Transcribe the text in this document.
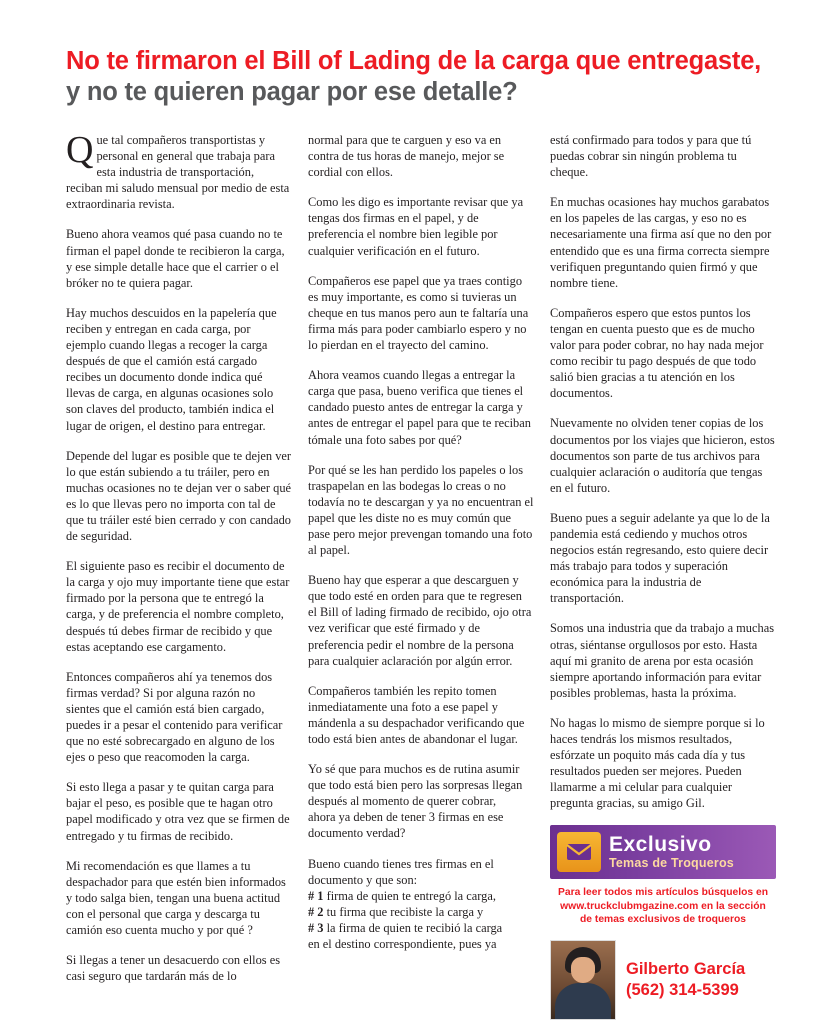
No te firmaron el Bill of Lading de la carga que entregaste, y no te quieren pagar por ese detalle?

Que tal compañeros transportistas y personal en general que trabaja para esta industria de transportación, reciban mi saludo mensual por medio de esta extraordinaria revista.

Bueno ahora veamos qué pasa cuando no te firman el papel donde te recibieron la carga, y ese simple detalle hace que el carrier o el bróker no te quiera pagar.

Hay muchos descuidos en la papelería que reciben y entregan en cada carga, por ejemplo cuando llegas a recoger la carga después de que el camión está cargado recibes un documento donde indica qué llevas de carga, en algunas ocasiones solo son claves del producto, también indica el lugar de origen, el destino para entregar.

Depende del lugar es posible que te dejen ver lo que están subiendo a tu tráiler, pero en muchas ocasiones no te dejan ver o saber qué es lo que llevas pero no importa con tal de que tu tráiler esté bien cerrado y con candado de seguridad.

El siguiente paso es recibir el documento de la carga y ojo muy importante tiene que estar firmado por la persona que te entregó la carga, y de preferencia el nombre completo, después tú debes firmar de recibido y que estas aceptando ese cargamento.

Entonces compañeros ahí ya tenemos dos firmas verdad? Si por alguna razón no sientes que el camión está bien cargado, puedes ir a pesar el contenido para verificar que no esté sobrecargado en alguno de los ejes o peso que reacomoden la carga.

Si esto llega a pasar y te quitan carga para bajar el peso, es posible que te hagan otro papel modificado y otra vez que se firmen de entregado y tu firmas de recibido.

Mi recomendación es que llames a tu despachador para que estén bien informados y todo salga bien, tengan una buena actitud con el personal que carga y descarga tu camión eso cuenta mucho y por qué ?

Si llegas a tener un desacuerdo con ellos es casi seguro que tardarán más de lo

normal para que te carguen y eso va en contra de tus horas de manejo, mejor se cordial con ellos.

Como les digo es importante revisar que ya tengas dos firmas en el papel, y de preferencia el nombre bien legible por cualquier verificación en el futuro.

Compañeros ese papel que ya traes contigo es muy importante, es como si tuvieras un cheque en tus manos pero aun te faltaría una firma más para poder cambiarlo espero y no lo pierdan en el trayecto del camino.

Ahora veamos cuando llegas a entregar la carga que pasa, bueno verifica que tienes el candado puesto antes de entregar la carga y antes de entregar el papel para que te reciban tómale una foto sabes por qué?

Por qué se les han perdido los papeles o los traspapelan en las bodegas lo creas o no todavía no te descargan y ya no encuentran el papel que les diste no es muy común que pase pero mejor prevengan tomando una foto al papel.

Bueno hay que esperar a que descarguen y que todo esté en orden para que te regresen el Bill of lading firmado de recibido, ojo otra vez verificar que esté firmado y de preferencia pedir el nombre de la persona para cualquier aclaración por algún error.

Compañeros también les repito tomen inmediatamente una foto a ese papel y mándenla a su despachador verificando que todo está bien antes de abandonar el lugar.

Yo sé que para muchos es de rutina asumir que todo está bien pero las sorpresas llegan después al momento de querer cobrar,

ahora ya deben de tener 3 firmas en ese documento verdad?

Bueno cuando tienes tres firmas en el documento y que son:

# 1 firma de quien te entregó la carga,

# 2 tu firma que recibiste la carga y

# 3 la firma de quien te recibió la carga

en el destino correspondiente, pues ya

está confirmado para todos y para que tú puedas cobrar sin ningún problema tu cheque.

En muchas ocasiones hay muchos garabatos en los papeles de las cargas, y eso no es necesariamente una firma así que no den por entendido que es una firma correcta siempre verifiquen preguntando quien firmó y que nombre tiene.

Compañeros espero que estos puntos los tengan en cuenta puesto que es de mucho valor para poder cobrar, no hay nada mejor como recibir tu pago después de que todo salió bien gracias a tu atención en los documentos.

Nuevamente no olviden tener copias de los documentos por los viajes que hicieron, estos documentos son parte de tus archivos para cualquier aclaración o auditoría que tengas en el futuro.

Bueno pues a seguir adelante ya que lo de la pandemia está cediendo y muchos otros negocios están regresando, esto quiere decir más trabajo para todos y superación económica para la industria de transportación.

Somos una industria que da trabajo a muchas otras, siéntanse orgullosos por esto. Hasta aquí mi granito de arena por esta ocasión siempre aportando información para evitar posibles problemas, hasta la próxima.

No hagas lo mismo de siempre porque si lo haces tendrás los mismos resultados, esfórzate un poquito más cada día y tus resultados pueden ser mejores. Pueden llamarme a mi celular para cualquier pregunta gracias, su amigo Gil.

Exclusivo
Temas de Troqueros
Para leer todos mis artículos búsquelos en
www.truckclubmgazine.com en la sección
de temas exclusivos de troqueros
Gilberto García
(562) 314-5399
